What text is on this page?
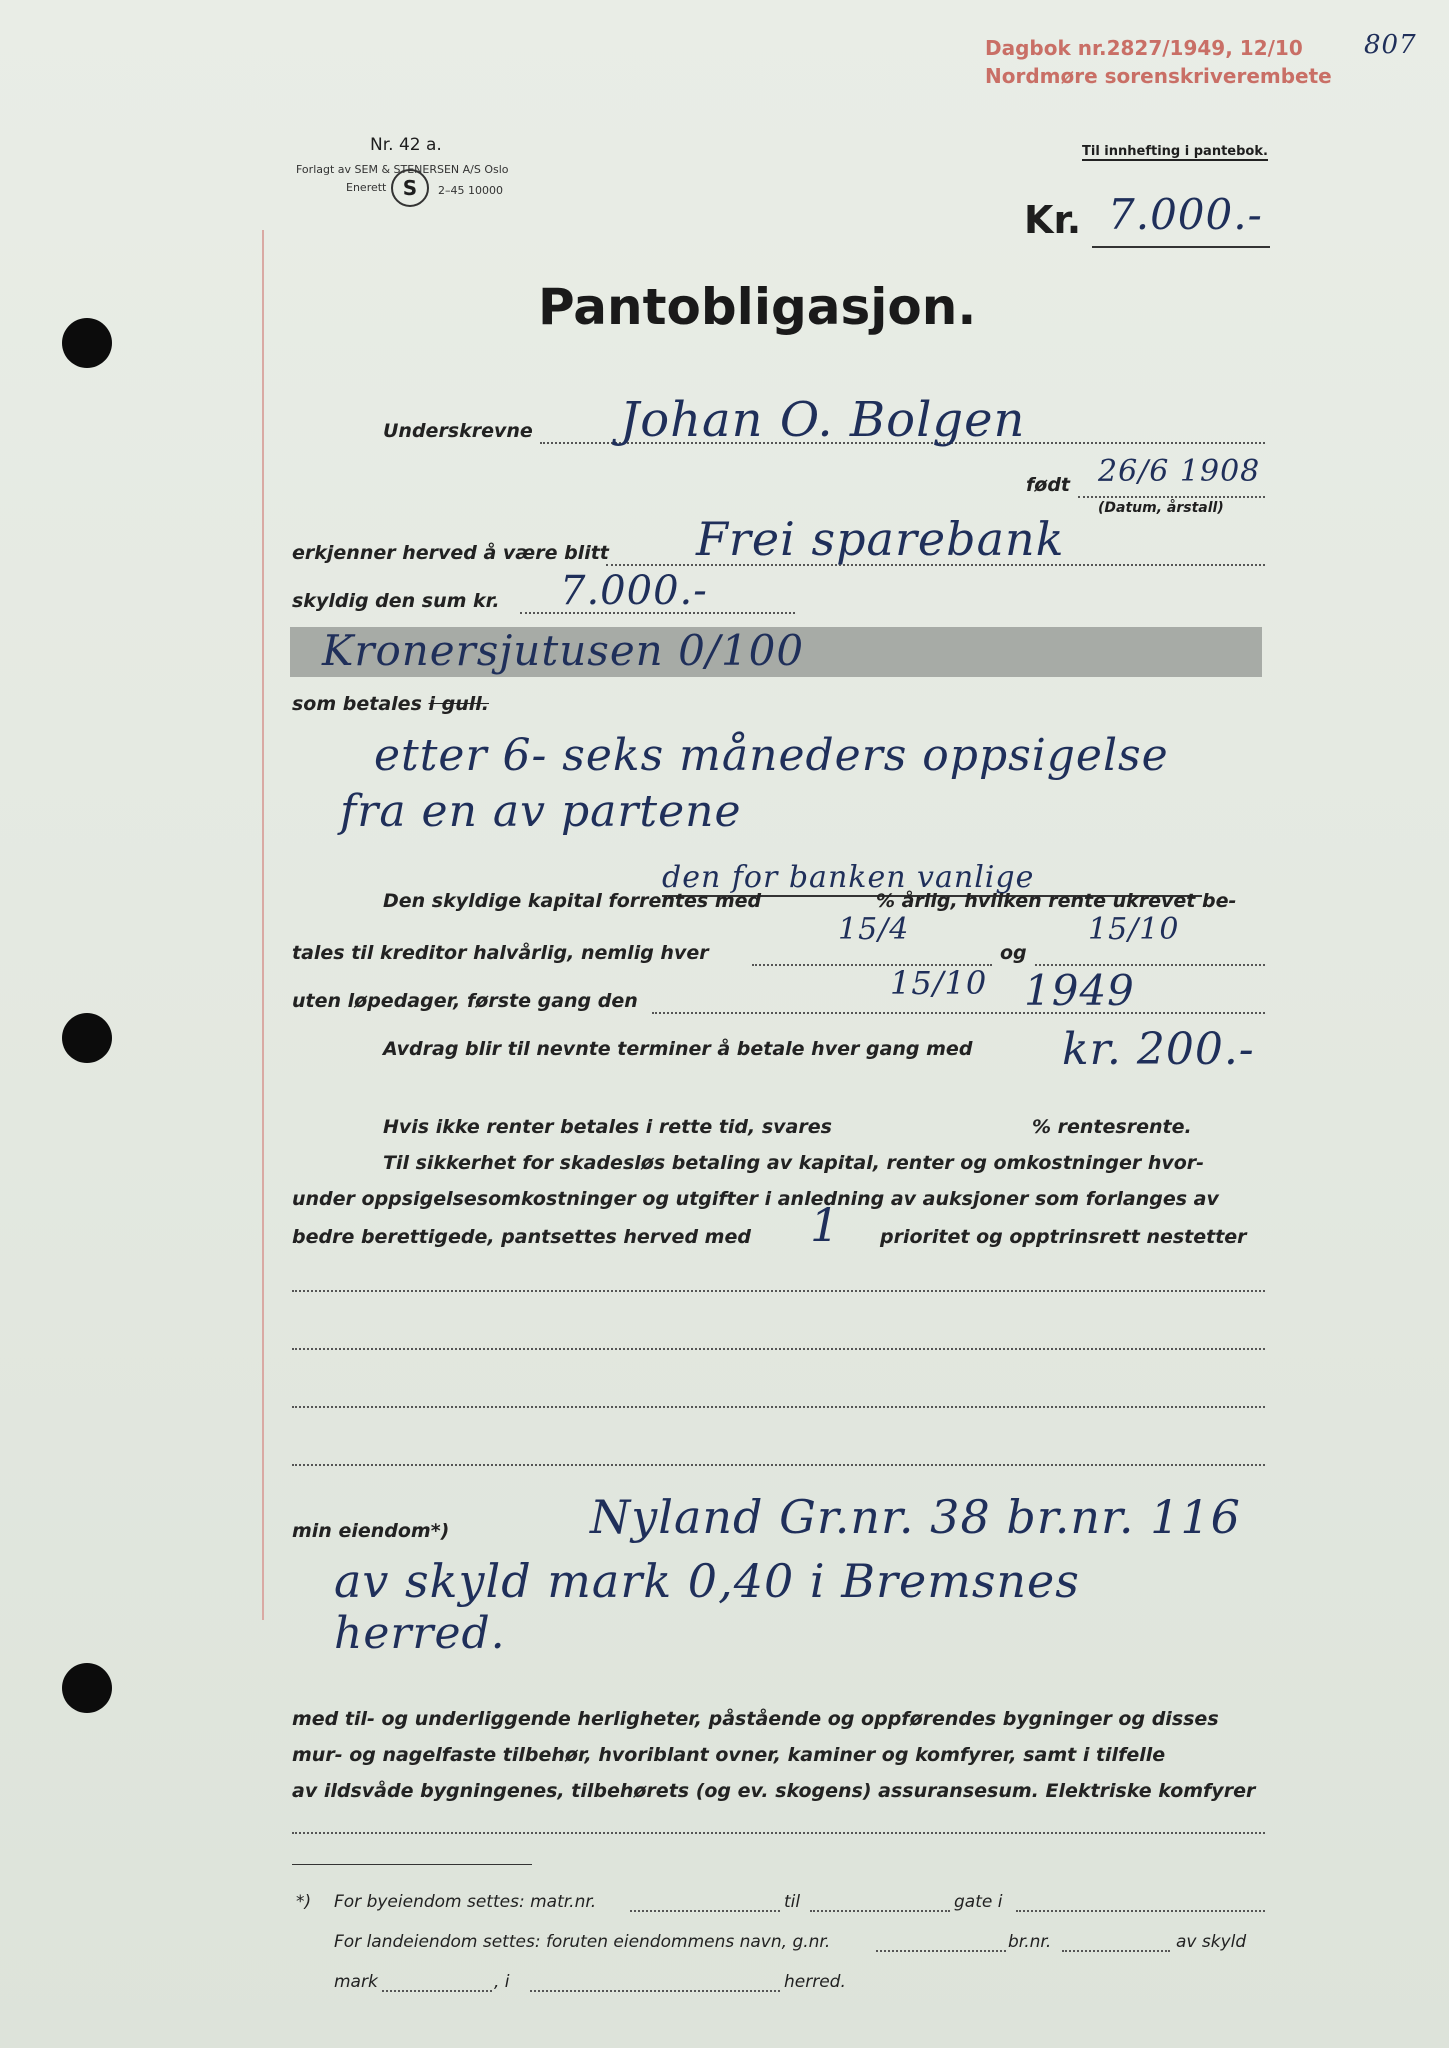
Dagbok nr.2827/1949, 12/10
Nordmøre sorenskriverembete
807
Nr. 42 a.
Forlagt av SEM & STENERSEN A/S Oslo
Enerett S	2–45 10000
Til innhefting i pantebok.
Kr. 7.000.-
Pantobligasjon.
Underskrevne Johan O. Bolgen
født 26/6 1908
(Datum, årstall)
erkjenner herved å være blitt Frei sparebank
skyldig den sum kr. 7.000.-
Kronersjutusen 0/100
som betales i gull.
etter 6- seks måneders oppsigelse
fra en av partene
den for banken vanlige
Den skyldige kapital forrentes med	% årlig, hvilken rente ukrevet be-
tales til kreditor halvårlig, nemlig hver
15/4
og
15/10
uten løpedager, første gang den	15/10 1949
Avdrag blir til nevnte terminer å betale hver gang med kr. 200.-
Hvis ikke renter betales i rette tid, svares	% rentesrente.
Til sikkerhet for skadesløs betaling av kapital, renter og omkostninger hvor-
under oppsigelsesomkostninger og utgifter i anledning av auksjoner som forlanges av
bedre berettigede, pantsettes herved med 1 prioritet og opptrinsrett nestetter
min eiendom*)	Nyland Gr.nr. 38 br.nr. 116
av skyld mark 0,40 i Bremsnes
herred.
med til- og underliggende herligheter, påstående og oppførendes bygninger og disses
mur- og nagelfaste tilbehør, hvoriblant ovner, kaminer og komfyrer, samt i tilfelle
av ildsvåde bygningenes, tilbehørets (og ev. skogens) assuransesum. Elektriske komfyrer
*) For byeiendom settes: matr.nr.	til	gate i
For landeiendom settes: foruten eiendommens navn, g.nr.	br.nr.	av skyld
mark	, i	herred.
